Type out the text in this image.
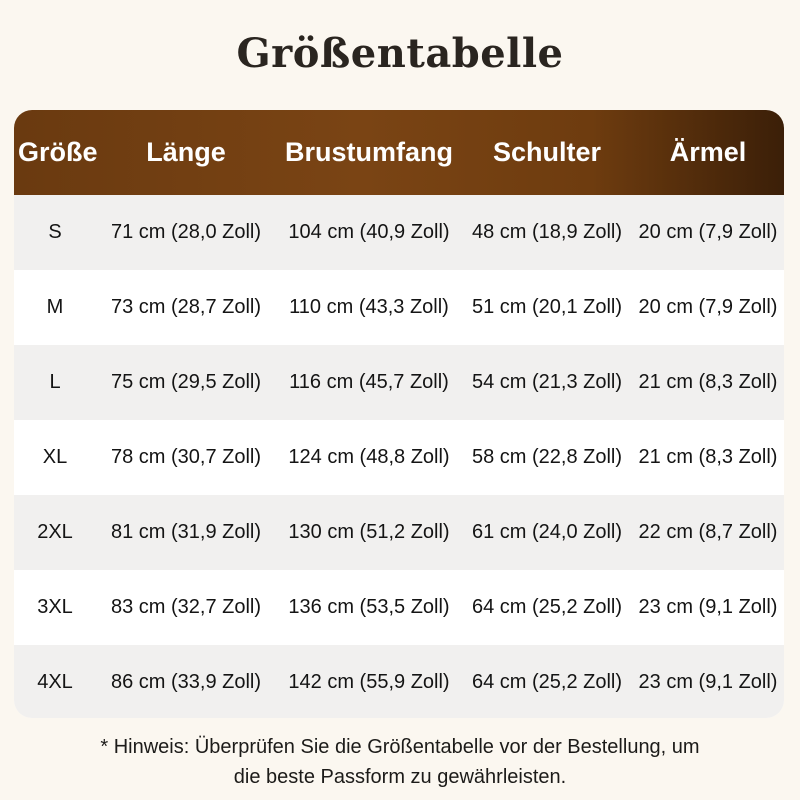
Größentabelle
Größe	Länge	Brustumfang	Schulter	Ärmel
S	71 cm (28,0 Zoll)	104 cm (40,9 Zoll)	48 cm (18,9 Zoll) 20 cm (7,9 Zoll)
M	73 cm (28,7 Zoll)	110 cm (43,3 Zoll)	51 cm (20,1 Zoll) 20 cm (7,9 Zoll)
L	75 cm (29,5 Zoll)	116 cm (45,7 Zoll)	54 cm (21,3 Zoll) 21 cm (8,3 Zoll)
XL	78 cm (30,7 Zoll)	124 cm (48,8 Zoll)	58 cm (22,8 Zoll) 21 cm (8,3 Zoll)
2XL	81 cm (31,9 Zoll)	130 cm (51,2 Zoll)	61 cm (24,0 Zoll) 22 cm (8,7 Zoll)
3XL	83 cm (32,7 Zoll)	136 cm (53,5 Zoll)	64 cm (25,2 Zoll) 23 cm (9,1 Zoll)
4XL	86 cm (33,9 Zoll)	142 cm (55,9 Zoll)	64 cm (25,2 Zoll) 23 cm (9,1 Zoll)
* Hinweis: Überprüfen Sie die Größentabelle vor der Bestellung, um
die beste Passform zu gewährleisten.
